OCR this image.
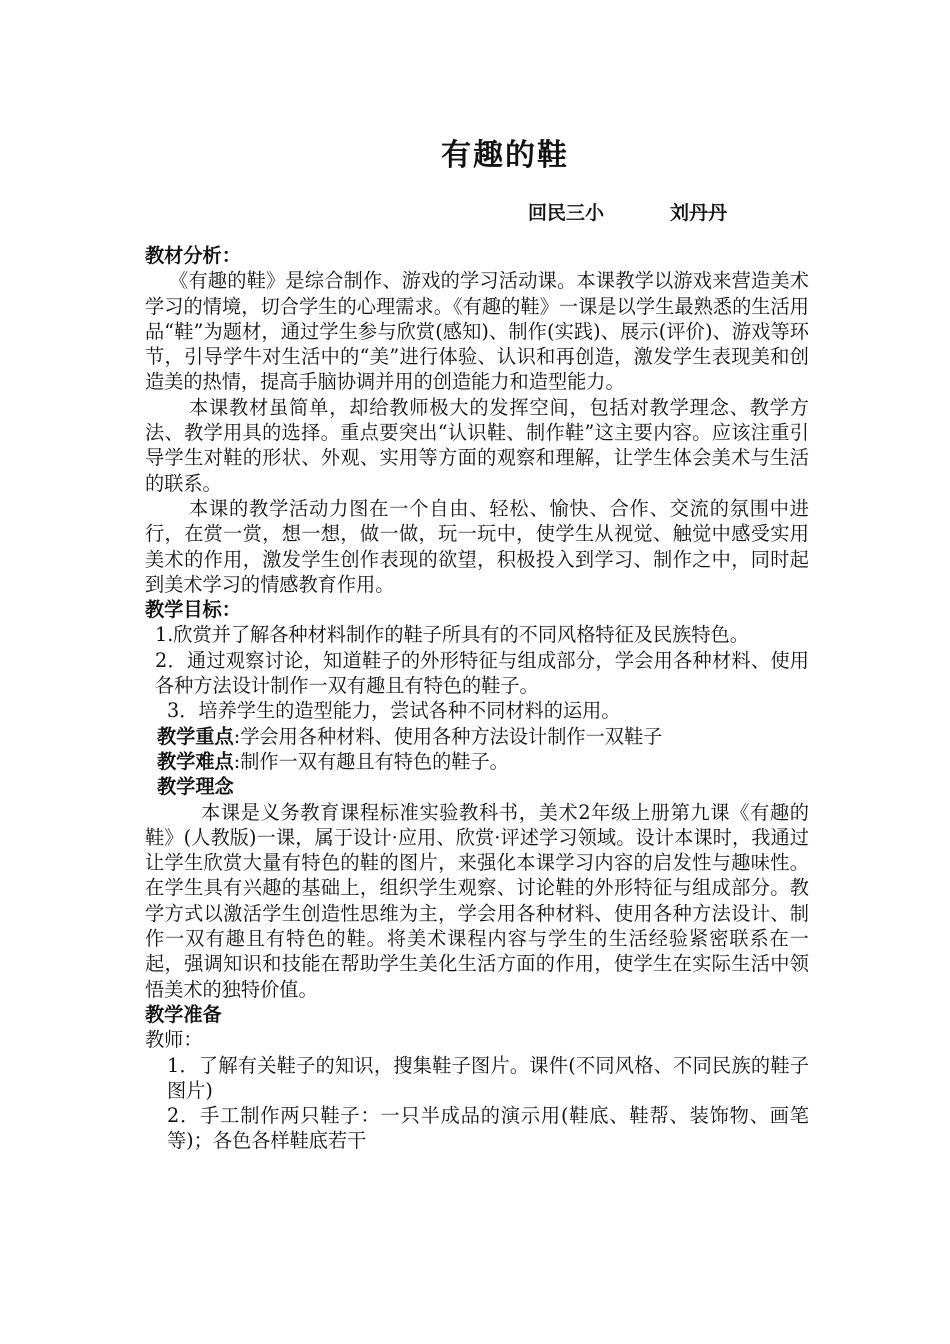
有趣的鞋
回民三小	刘丹丹
教材分析：

《有趣的鞋》是综合制作、游戏的学习活动课。本课教学以游戏来营造美术学习的情境，切合学生的心理需求。《有趣的鞋》一课是以学生最熟悉的生活用品“鞋”为题材，通过学生参与欣赏(感知)、制作(实践)、展示(评价)、游戏等环节，引导学牛对生活中的“美”进行体验、认识和再创造，激发学生表现美和创造美的热情，提高手脑协调并用的创造能力和造型能力。

本课教材虽简单，却给教师极大的发挥空间，包括对教学理念、教学方法、教学用具的选择。重点要突出“认识鞋、制作鞋”这主要内容。应该注重引导学生对鞋的形状、外观、实用等方面的观察和理解，让学生体会美术与生活的联系。

本课的教学活动力图在一个自由、轻松、愉快、合作、交流的氛围中进行，在赏一赏，想一想，做一做，玩一玩中，使学生从视觉、触觉中感受实用美术的作用，激发学生创作表现的欲望，积极投入到学习、制作之中，同时起到美术学习的情感教育作用。

教学目标：

1.欣赏并了解各种材料制作的鞋子所具有的不同风格特征及民族特色。

2．通过观察讨论，知道鞋子的外形特征与组成部分，学会用各种材料、使用各种方法设计制作一双有趣且有特色的鞋子。

3．培养学生的造型能力，尝试各种不同材料的运用。

教学重点:学会用各种材料、使用各种方法设计制作一双鞋子
教学难点:制作一双有趣且有特色的鞋子。
教学理念

本课是义务教育课程标准实验教科书，美术2年级上册第九课《有趣的鞋》(人教版)一课，属于设计·应用、欣赏·评述学习领域。设计本课时，我通过让学生欣赏大量有特色的鞋的图片，来强化本课学习内容的启发性与趣味性。在学生具有兴趣的基础上，组织学生观察、讨论鞋的外形特征与组成部分。教学方式以激活学生创造性思维为主，学会用各种材料、使用各种方法设计、制作一双有趣且有特色的鞋。将美术课程内容与学生的生活经验紧密联系在一起，强调知识和技能在帮助学生美化生活方面的作用，使学生在实际生活中领悟美术的独特价值。

教学准备
教师：

1．了解有关鞋子的知识，搜集鞋子图片。课件(不同风格、不同民族的鞋子图片)

2．手工制作两只鞋子：一只半成品的演示用(鞋底、鞋帮、装饰物、画笔等)；各色各样鞋底若干
